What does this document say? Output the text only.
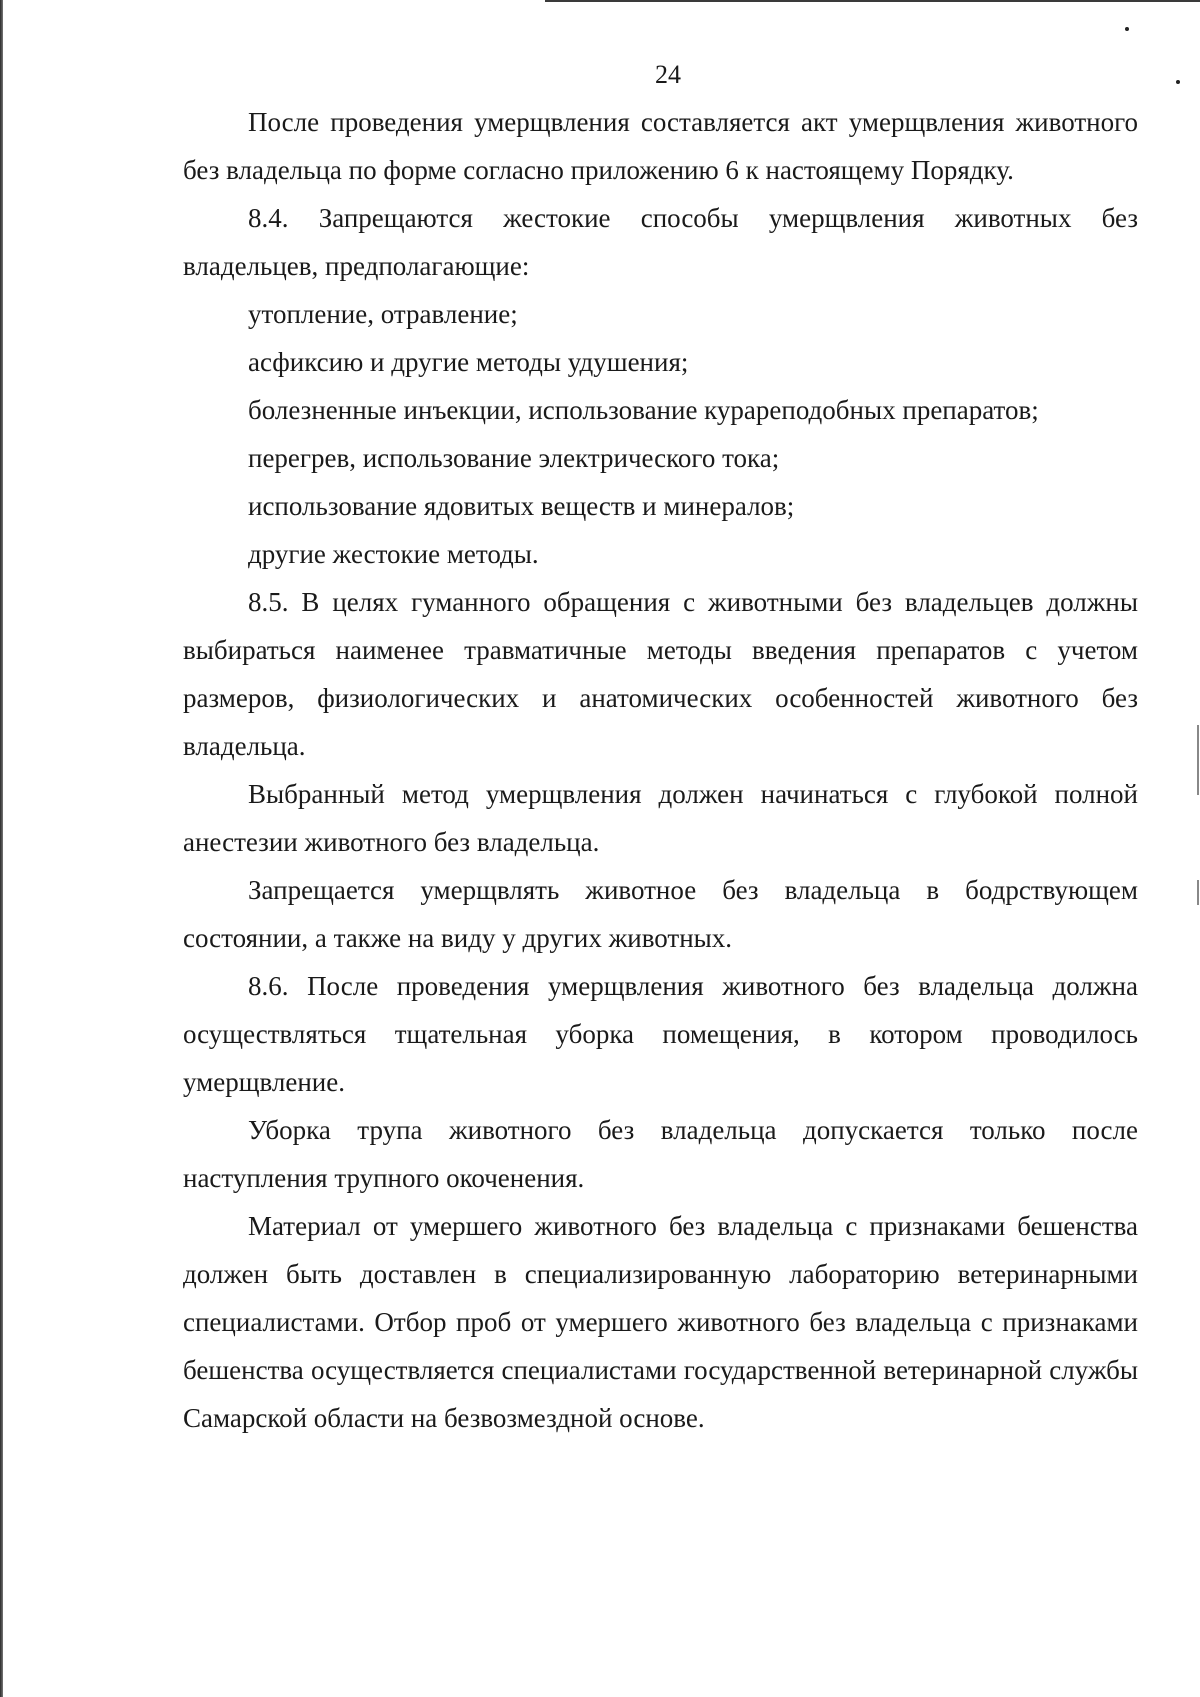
24

После проведения умерщвления составляется акт умерщвления животного без владельца по форме согласно приложению 6 к настоящему Порядку.

8.4. Запрещаются жестокие способы умерщвления животных без владельцев, предполагающие:

утопление, отравление;

асфиксию и другие методы удушения;

болезненные инъекции, использование курареподобных препаратов;

перегрев, использование электрического тока;

использование ядовитых веществ и минералов;

другие жестокие методы.

8.5. В целях гуманного обращения с животными без владельцев должны выбираться наименее травматичные методы введения препаратов с учетом размеров, физиологических и анатомических особенностей животного без владельца.

Выбранный метод умерщвления должен начинаться с глубокой полной анестезии животного без владельца.

Запрещается умерщвлять животное без владельца в бодрствующем состоянии, а также на виду у других животных.

8.6. После проведения умерщвления животного без владельца должна осуществляться тщательная уборка помещения, в котором проводилось умерщвление.

Уборка трупа животного без владельца допускается только после наступления трупного окоченения.

Материал от умершего животного без владельца с признаками бешенства должен быть доставлен в специализированную лабораторию ветеринарными специалистами. Отбор проб от умершего животного без владельца с признаками бешенства осуществляется специалистами государственной ветеринарной службы Самарской области на безвозмездной основе.
